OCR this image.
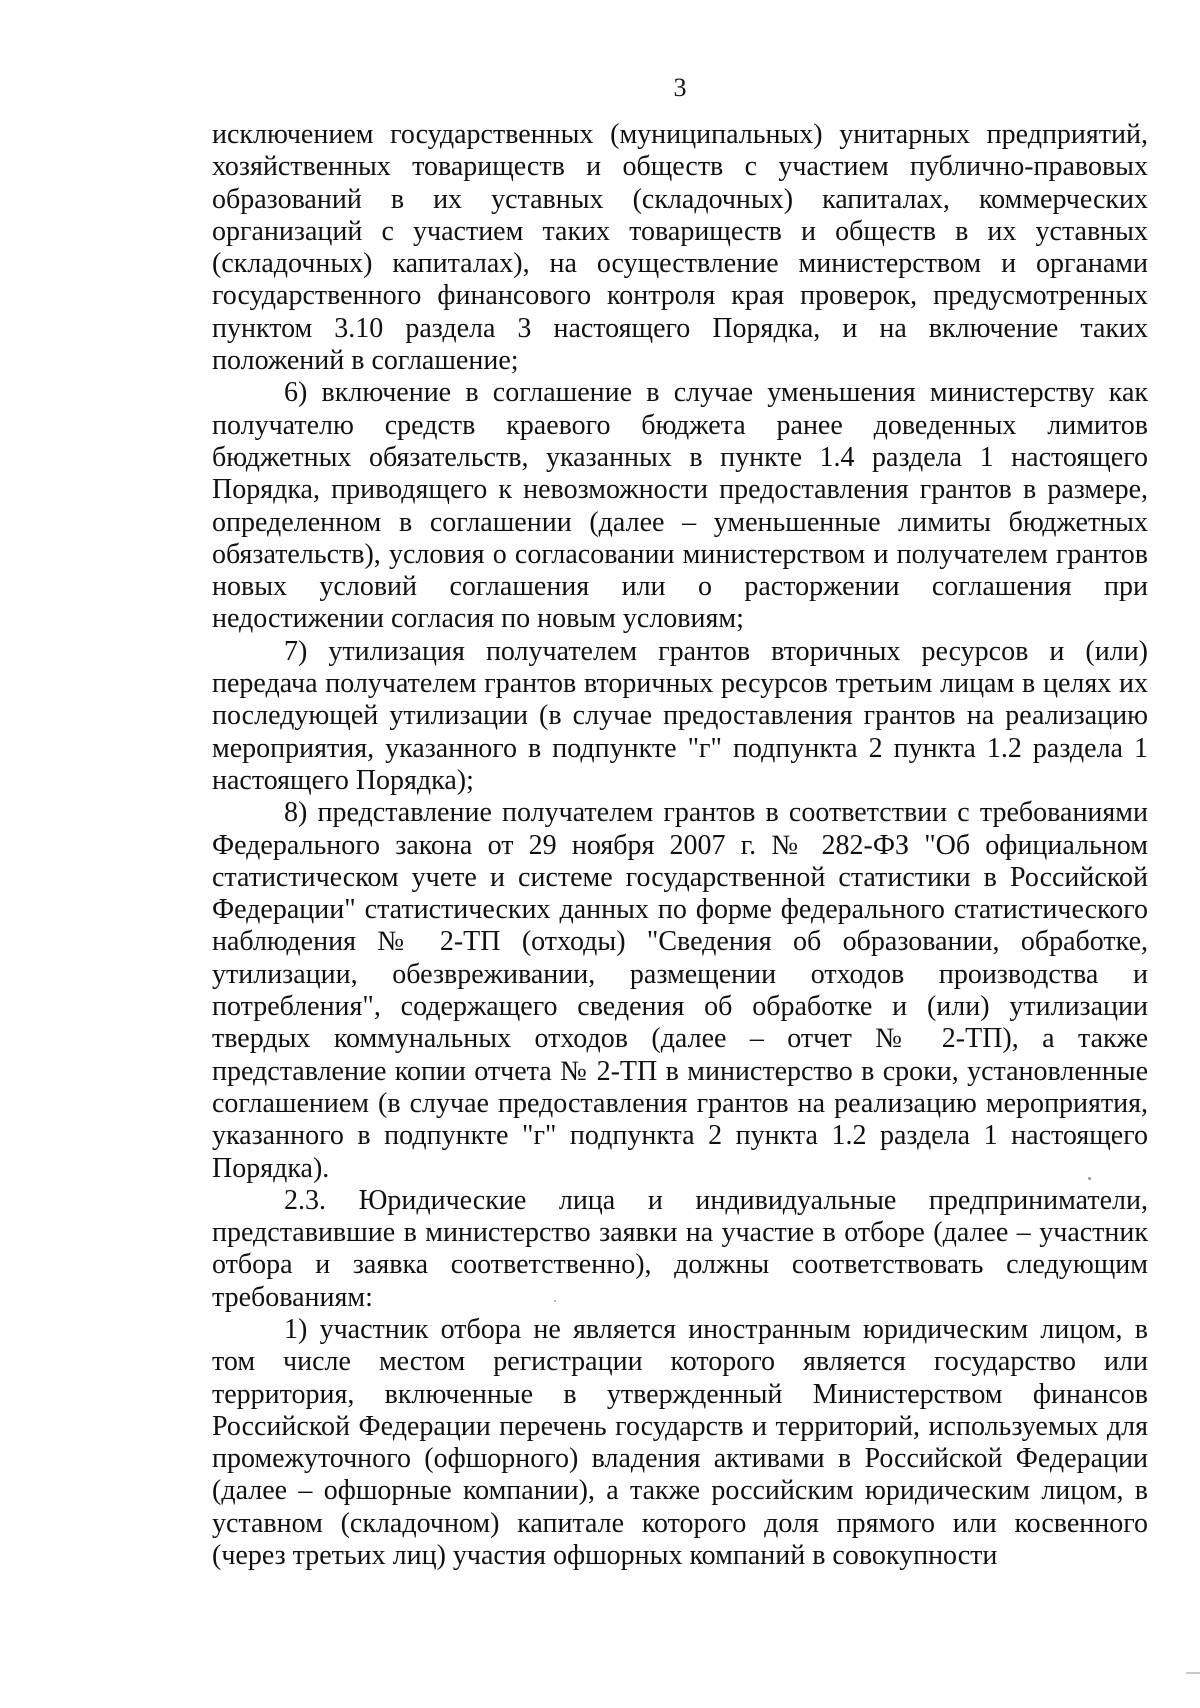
3

исключением государственных (муниципальных) унитарных предприятий, хозяйственных товариществ и обществ с участием публично-правовых образований в их уставных (складочных) капиталах, коммерческих организаций с участием таких товариществ и обществ в их уставных (складочных) капиталах), на осуществление министерством и органами государственного финансового контроля края проверок, предусмотренных пунктом 3.10 раздела 3 настоящего Порядка, и на включение таких положений в соглашение;

6) включение в соглашение в случае уменьшения министерству как получателю средств краевого бюджета ранее доведенных лимитов бюджетных обязательств, указанных в пункте 1.4 раздела 1 настоящего Порядка, приводящего к невозможности предоставления грантов в размере, определенном в соглашении (далее – уменьшенные лимиты бюджетных обязательств), условия о согласовании министерством и получателем грантов новых условий соглашения или о расторжении соглашения при недостижении согласия по новым условиям;

7) утилизация получателем грантов вторичных ресурсов и (или) передача получателем грантов вторичных ресурсов третьим лицам в целях их последующей утилизации (в случае предоставления грантов на реализацию мероприятия, указанного в подпункте "г" подпункта 2 пункта 1.2 раздела 1 настоящего Порядка);

8) представление получателем грантов в соответствии с требованиями Федерального закона от 29 ноября 2007 г. № 282-ФЗ "Об официальном статистическом учете и системе государственной статистики в Российской Федерации" статистических данных по форме федерального статистического наблюдения № 2-ТП (отходы) "Сведения об образовании, обработке, утилизации, обезвреживании, размещении отходов производства и потребления", содержащего сведения об обработке и (или) утилизации твердых коммунальных отходов (далее – отчет № 2-ТП), а также представление копии отчета № 2-ТП в министерство в сроки, установленные соглашением (в случае предоставления грантов на реализацию мероприятия, указанного в подпункте "г" подпункта 2 пункта 1.2 раздела 1 настоящего Порядка).

2.3. Юридические лица и индивидуальные предприниматели, представившие в министерство заявки на участие в отборе (далее – участник отбора и заявка соответственно), должны соответствовать следующим требованиям:

1) участник отбора не является иностранным юридическим лицом, в том числе местом регистрации которого является государство или территория, включенные в утвержденный Министерством финансов Российской Федерации перечень государств и территорий, используемых для промежуточного (офшорного) владения активами в Российской Федерации (далее – офшорные компании), а также российским юридическим лицом, в уставном (складочном) капитале которого доля прямого или косвенного (через третьих лиц) участия офшорных компаний в совокупности
